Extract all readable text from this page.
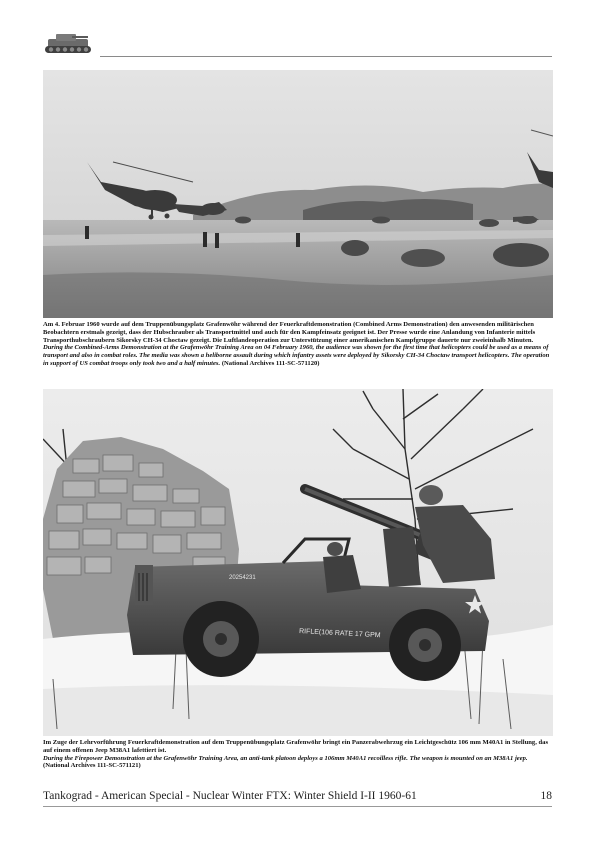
Am 4. Februar 1960 wurde auf dem Truppenübungsplatz Grafenwöhr während der Feuerkraftdemonstration (Combined Arms Demonstration) den anwesenden militärischen Beobachtern erstmals gezeigt, dass der Hubschrauber als Transportmittel und auch für den Kampfeinsatz geeignet ist. Der Presse wurde eine Anlandung von Infanterie mittels Transporthubschraubern Sikorsky CH-34 Choctaw gezeigt. Die Luftlandeoperation zur Unterstützung einer amerikanischen Kampfgruppe dauerte nur zweieinhalb Minuten.

During the Combined-Arms Demonstration at the Grafenwöhr Training Area on 04 February 1960, the audience was shown for the first time that helicopters could be used as a means of transport and also in combat roles. The media was shown a heliborne assault during which infantry assets were deployed by Sikorsky CH-34 Choctaw transport helicopters. The operation in support of US combat troops only took two and a half minutes. (National Archives 111-SC-571120)

20254231
RIFLE(106 RATE 17 GPM

Im Zuge der Lehrvorführung Feuerkraftdemonstration auf dem Truppenübungsplatz Grafenwöhr bringt ein Panzerabwehrzug ein Leichtgeschütz 106 mm M40A1 in Stellung, das auf einem offenen Jeep M38A1 lafettiert ist.

During the Firepower Demonstration at the Grafenwöhr Training Area, an anti-tank platoon deploys a 106mm M40A1 recoilless rifle. The weapon is mounted on an M38A1 jeep. (National Archives 111-SC-571121)

Tankograd - American Special - Nuclear Winter FTX: Winter Shield I-II 1960-61	18
